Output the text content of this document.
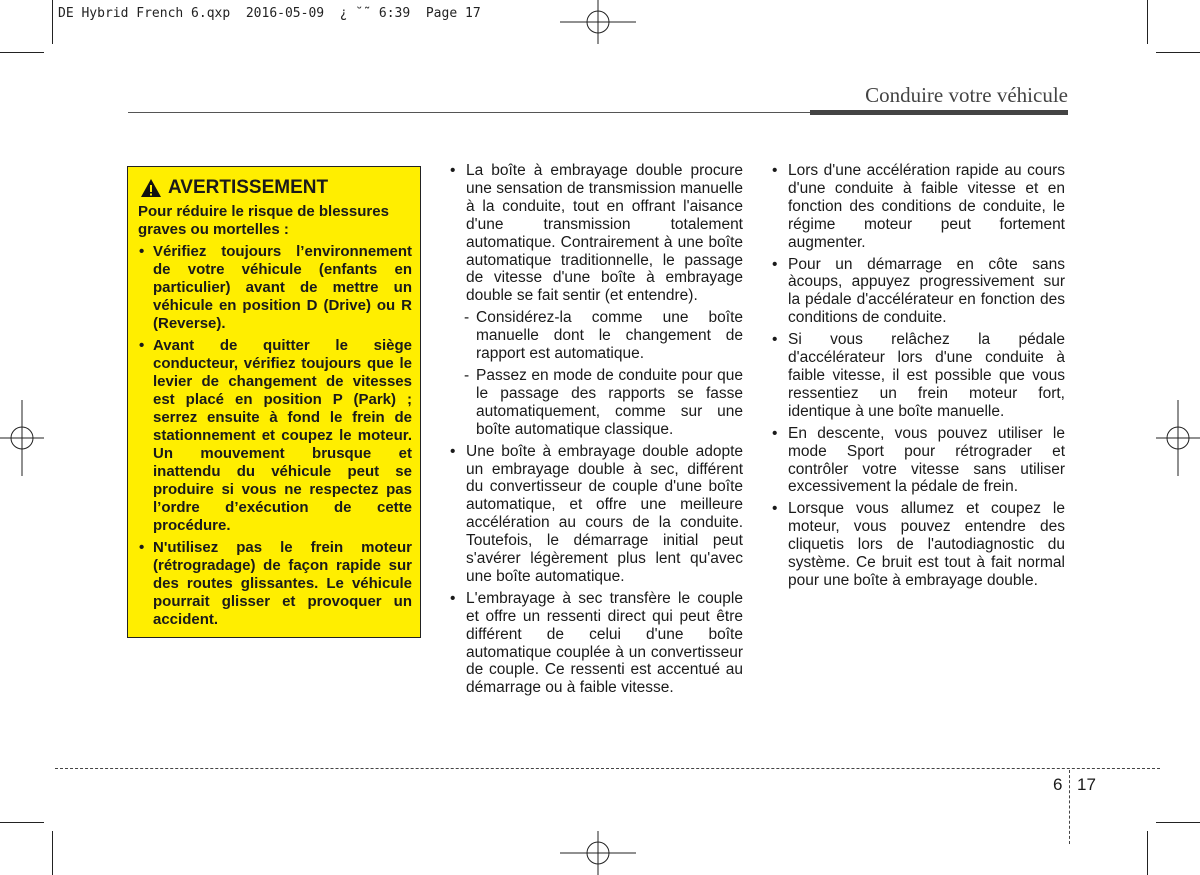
DE Hybrid French 6.qxp  2016-05-09  ¿ ˘˜ 6:39  Page 17
Conduire votre véhicule
AVERTISSEMENT
Pour réduire le risque de blessures graves ou mortelles :
• Vérifiez toujours l’environnement de votre véhicule (enfants en particulier) avant de mettre un véhicule en position D (Drive) ou R (Reverse).
• Avant de quitter le siège conducteur, vérifiez toujours que le levier de changement de vitesses est placé en position P (Park) ; serrez ensuite à fond le frein de stationnement et coupez le moteur. Un mouvement brusque et inattendu du véhicule peut se produire si vous ne respectez pas l’ordre d’exécution de cette procédure.
• N'utilisez pas le frein moteur (rétrogradage) de façon rapide sur des routes glissantes. Le véhicule pourrait glisser et provoquer un accident.
• La boîte à embrayage double procure une sensation de transmission manuelle à la conduite, tout en offrant l'aisance d'une transmission totalement automatique. Contrairement à une boîte automatique traditionnelle, le passage de vitesse d'une boîte à embrayage double se fait sentir (et entendre).
- Considérez-la comme une boîte manuelle dont le changement de rapport est automatique.
- Passez en mode de conduite pour que le passage des rapports se fasse automatiquement, comme sur une boîte automatique classique.
• Une boîte à embrayage double adopte un embrayage double à sec, différent du convertisseur de couple d'une boîte automatique, et offre une meilleure accélération au cours de la conduite. Toutefois, le démarrage initial peut s'avérer légèrement plus lent qu'avec une boîte automatique.
• L'embrayage à sec transfère le couple et offre un ressenti direct qui peut être différent de celui d'une boîte automatique couplée à un convertisseur de couple. Ce ressenti est accentué au démarrage ou à faible vitesse.
• Lors d'une accélération rapide au cours d'une conduite à faible vitesse et en fonction des conditions de conduite, le régime moteur peut fortement augmenter.
• Pour un démarrage en côte sans àcoups, appuyez progressivement sur la pédale d'accélérateur en fonction des conditions de conduite.
• Si vous relâchez la pédale d'accélérateur lors d'une conduite à faible vitesse, il est possible que vous ressentiez un frein moteur fort, identique à une boîte manuelle.
• En descente, vous pouvez utiliser le mode Sport pour rétrograder et contrôler votre vitesse sans utiliser excessivement la pédale de frein.
• Lorsque vous allumez et coupez le moteur, vous pouvez entendre des cliquetis lors de l'autodiagnostic du système. Ce bruit est tout à fait normal pour une boîte à embrayage double.
6 17
